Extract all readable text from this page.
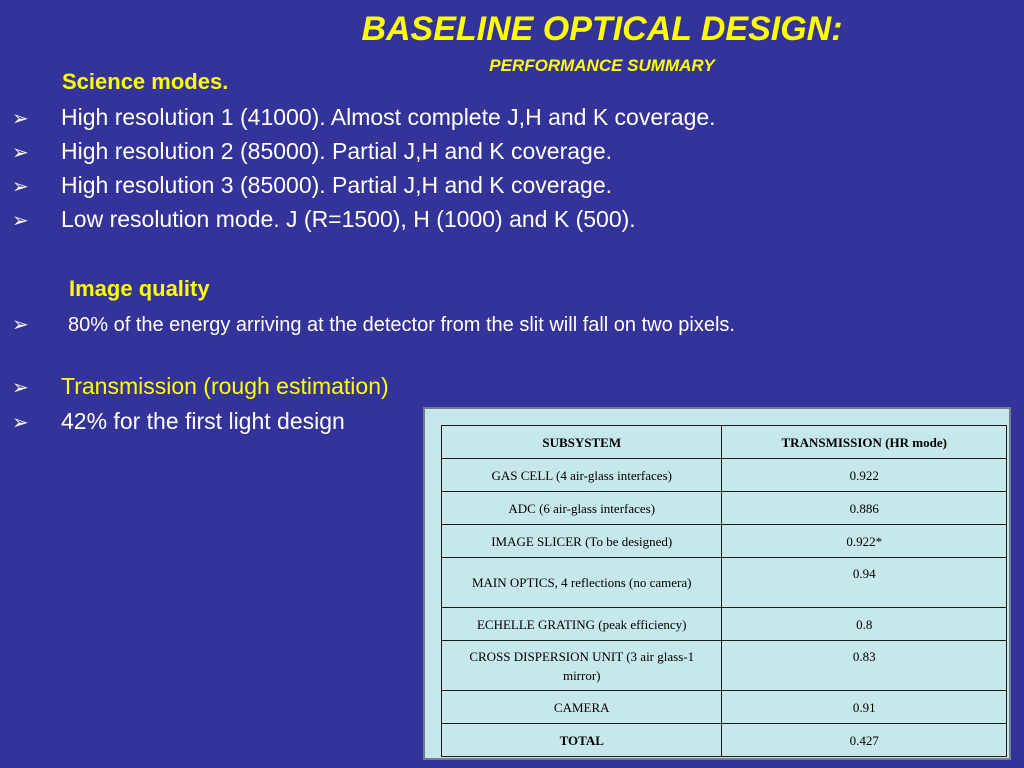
BASELINE OPTICAL DESIGN:
PERFORMANCE SUMMARY
Science modes.
➢	High resolution 1 (41000). Almost complete J,H and K coverage.
➢	High resolution 2 (85000). Partial J,H and K coverage.
➢	High resolution 3 (85000). Partial J,H and K coverage.
➢	Low resolution mode. J (R=1500), H (1000) and K (500).
Image quality
➢	80% of the energy arriving at the detector from the slit will fall on two pixels.
➢	Transmission (rough estimation)
➢	42% for the first light design
SUBSYSTEM	TRANSMISSION (HR mode)
GAS CELL (4 air-glass interfaces)	0.922
ADC (6 air-glass interfaces)	0.886
IMAGE SLICER (To be designed)	0.922*
MAIN OPTICS, 4 reflections (no camera)	0.94
ECHELLE GRATING (peak efficiency)	0.8
CROSS DISPERSION UNIT (3 air glass-1 mirror)	0.83
CAMERA	0.91
TOTAL	0.427
